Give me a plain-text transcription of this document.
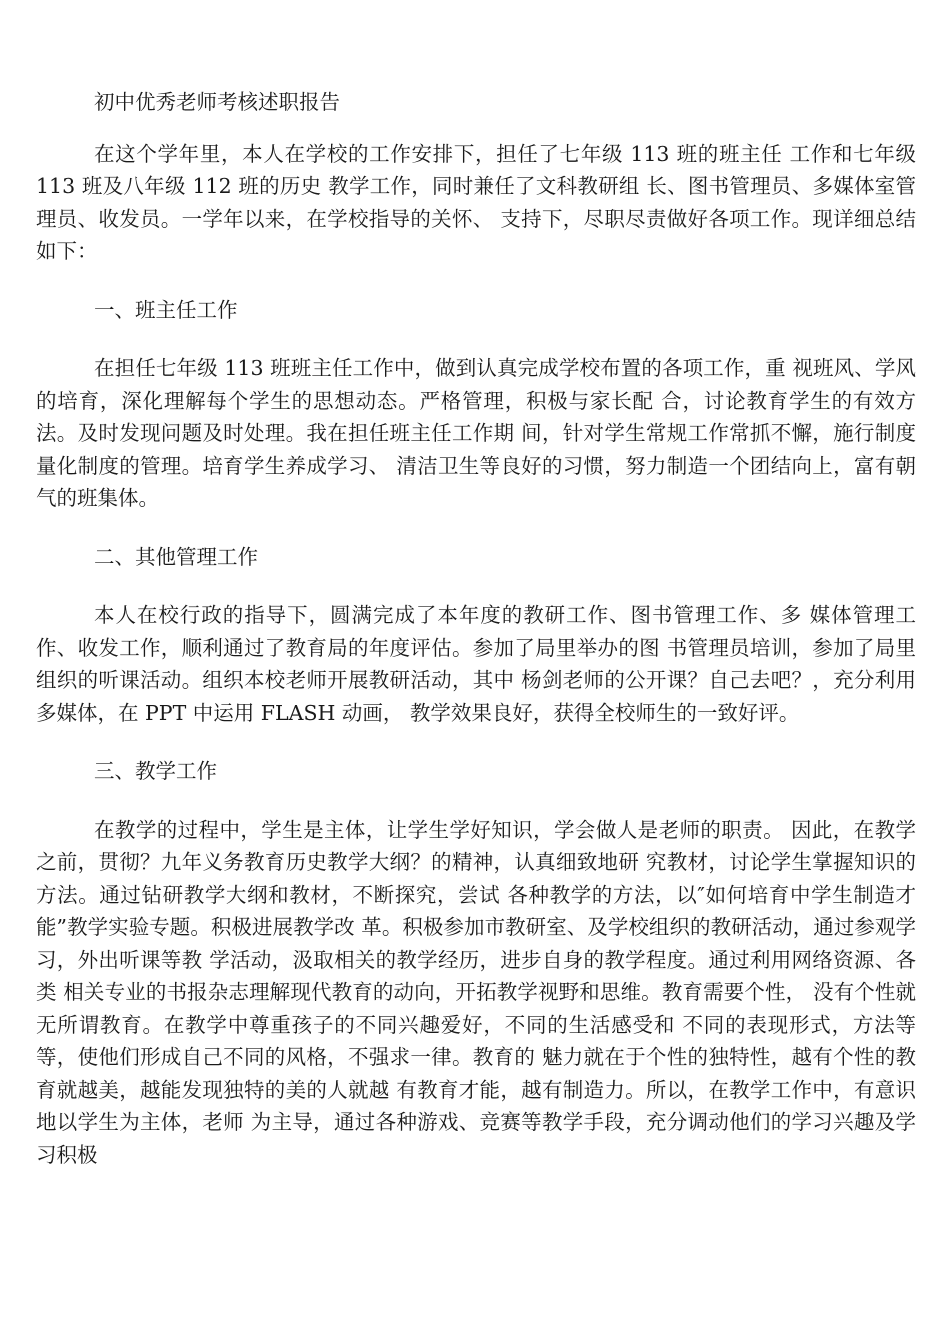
初中优秀老师考核述职报告

在这个学年里，本人在学校的工作安排下，担任了七年级 113 班的班主任 工作和七年级 113 班及八年级 112 班的历史 教学工作，同时兼任了文科教研组 长、图书管理员、多媒体室管理员、收发员。一学年以来，在学校指导的关怀、 支持下，尽职尽责做好各项工作。现详细总结如下：

一、班主任工作

在担任七年级 113 班班主任工作中，做到认真完成学校布置的各项工作，重 视班风、学风的培育，深化理解每个学生的思想动态。严格管理，积极与家长配 合，讨论教育学生的有效方法。及时发现问题及时处理。我在担任班主任工作期 间，针对学生常规工作常抓不懈，施行制度量化制度的管理。培育学生养成学习、 清洁卫生等良好的习惯，努力制造一个团结向上，富有朝气的班集体。

二、其他管理工作

本人在校行政的指导下，圆满完成了本年度的教研工作、图书管理工作、多 媒体管理工作、收发工作，顺利通过了教育局的年度评估。参加了局里举办的图 书管理员培训，参加了局里组织的听课活动。组织本校老师开展教研活动，其中 杨剑老师的公开课？自己去吧？，充分利用多媒体，在 PPT 中运用 FLASH 动画， 教学效果良好，获得全校师生的一致好评。

三、教学工作

在教学的过程中，学生是主体，让学生学好知识，学会做人是老师的职责。 因此，在教学之前，贯彻？九年义务教育历史教学大纲？的精神，认真细致地研 究教材，讨论学生掌握知识的方法。通过钻研教学大纲和教材，不断探究，尝试 各种教学的方法，以″如何培育中学生制造才能”教学实验专题。积极进展教学改 革。积极参加市教研室、及学校组织的教研活动，通过参观学习，外出听课等教 学活动，汲取相关的教学经历，进步自身的教学程度。通过利用网络资源、各类 相关专业的书报杂志理解现代教育的动向，开拓教学视野和思维。教育需要个性， 没有个性就无所谓教育。在教学中尊重孩子的不同兴趣爱好，不同的生活感受和 不同的表现形式，方法等等，使他们形成自己不同的风格，不强求一律。教育的 魅力就在于个性的独特性，越有个性的教育就越美，越能发现独特的美的人就越 有教育才能，越有制造力。所以，在教学工作中，有意识地以学生为主体，老师 为主导，通过各种游戏、竞赛等教学手段，充分调动他们的学习兴趣及学习积极
